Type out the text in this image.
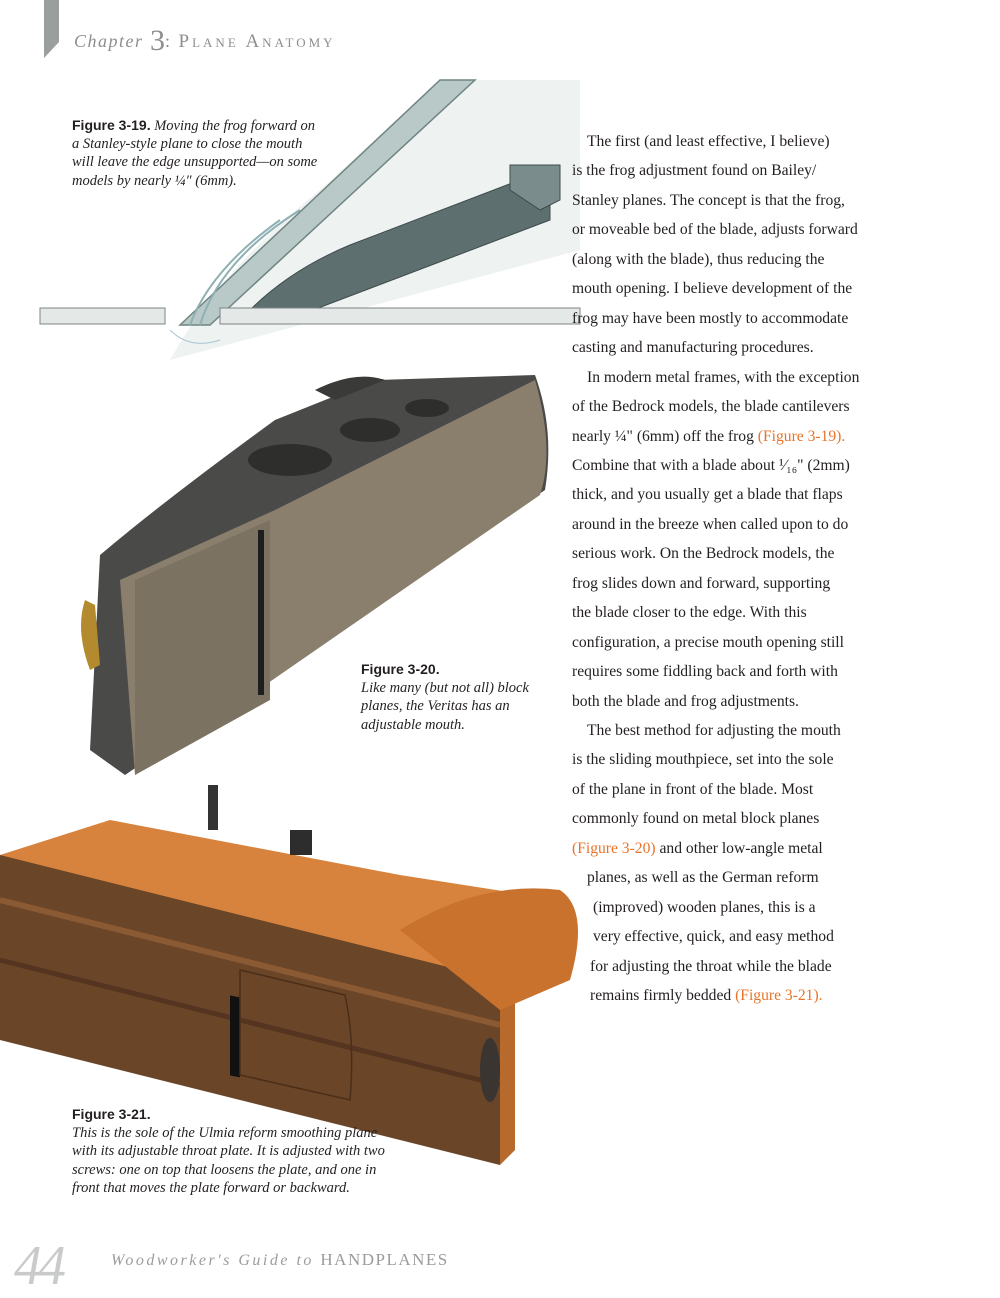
Chapter 3: Plane Anatomy
Figure 3-19. Moving the frog forward on a Stanley-style plane to close the mouth will leave the edge unsupported—on some models by nearly ¼" (6mm).
Figure 3-20.
Like many (but not all) block planes, the Veritas has an adjustable mouth.
Figure 3-21.
This is the sole of the Ulmia reform smoothing plane with its adjustable throat plate. It is adjusted with two screws: one on top that loosens the plate, and one in front that moves the plate forward or backward.
The first (and least effective, I believe)
is the frog adjustment found on Bailey/
Stanley planes. The concept is that the frog,
or moveable bed of the blade, adjusts forward
(along with the blade), thus reducing the
mouth opening. I believe development of the
frog may have been mostly to accommodate
casting and manufacturing procedures.
In modern metal frames, with the exception
of the Bedrock models, the blade cantilevers
nearly ¼" (6mm) off the frog (Figure 3-19).
Combine that with a blade about ¹⁄₁₆" (2mm)
thick, and you usually get a blade that flaps
around in the breeze when called upon to do
serious work. On the Bedrock models, the
frog slides down and forward, supporting
the blade closer to the edge. With this
configuration, a precise mouth opening still
requires some fiddling back and forth with
both the blade and frog adjustments.
The best method for adjusting the mouth
is the sliding mouthpiece, set into the sole
of the plane in front of the blade. Most
commonly found on metal block planes
(Figure 3-20) and other low-angle metal
planes, as well as the German reform
(improved) wooden planes, this is a
very effective, quick, and easy method
for adjusting the throat while the blade
remains firmly bedded (Figure 3-21).
44	Woodworker's Guide to HANDPLANES
